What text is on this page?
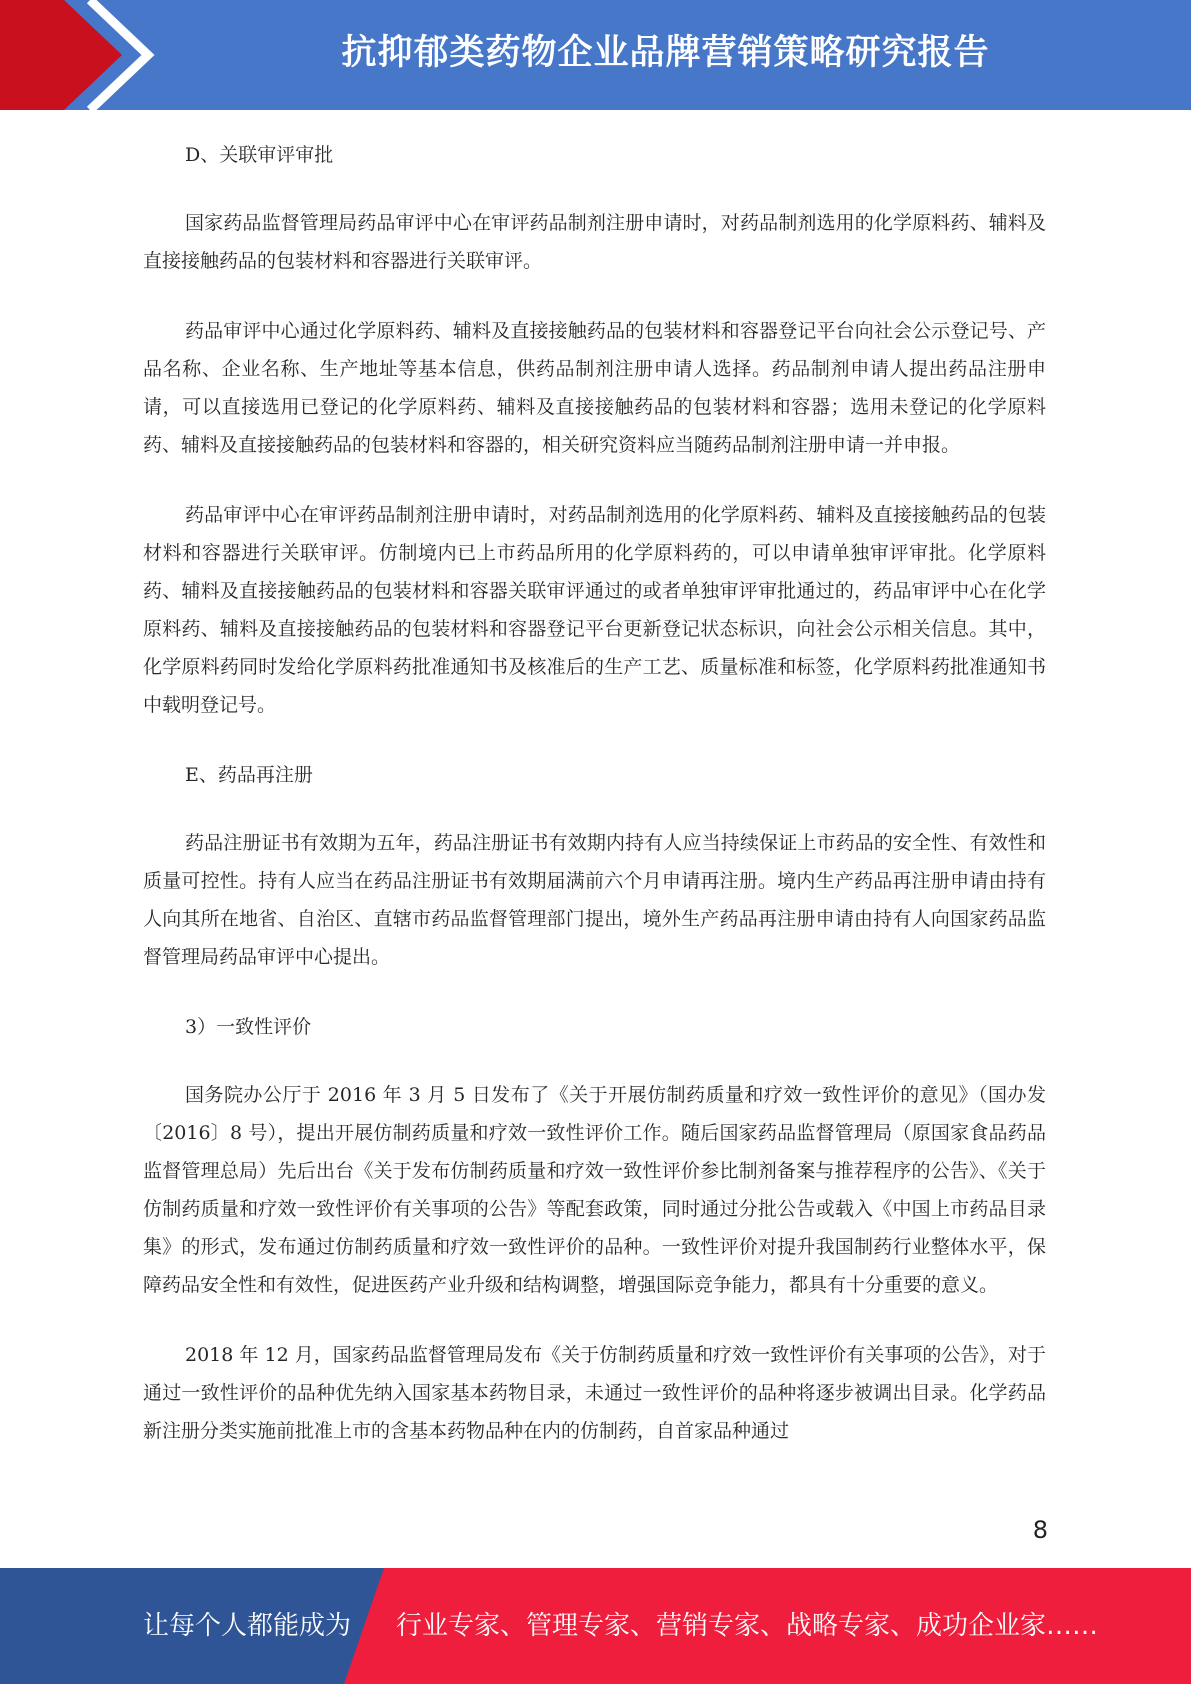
抗抑郁类药物企业品牌营销策略研究报告

D、关联审评审批

国家药品监督管理局药品审评中心在审评药品制剂注册申请时，对药品制剂选用的化学原料药、辅料及直接接触药品的包装材料和容器进行关联审评。

药品审评中心通过化学原料药、辅料及直接接触药品的包装材料和容器登记平台向社会公示登记号、产品名称、企业名称、生产地址等基本信息，供药品制剂注册申请人选择。药品制剂申请人提出药品注册申请，可以直接选用已登记的化学原料药、辅料及直接接触药品的包装材料和容器；选用未登记的化学原料药、辅料及直接接触药品的包装材料和容器的，相关研究资料应当随药品制剂注册申请一并申报。

药品审评中心在审评药品制剂注册申请时，对药品制剂选用的化学原料药、辅料及直接接触药品的包装材料和容器进行关联审评。仿制境内已上市药品所用的化学原料药的，可以申请单独审评审批。化学原料药、辅料及直接接触药品的包装材料和容器关联审评通过的或者单独审评审批通过的，药品审评中心在化学原料药、辅料及直接接触药品的包装材料和容器登记平台更新登记状态标识，向社会公示相关信息。其中，化学原料药同时发给化学原料药批准通知书及核准后的生产工艺、质量标准和标签，化学原料药批准通知书中载明登记号。

E、药品再注册

药品注册证书有效期为五年，药品注册证书有效期内持有人应当持续保证上市药品的安全性、有效性和质量可控性。持有人应当在药品注册证书有效期届满前六个月申请再注册。境内生产药品再注册申请由持有人向其所在地省、自治区、直辖市药品监督管理部门提出，境外生产药品再注册申请由持有人向国家药品监督管理局药品审评中心提出。

3）一致性评价

国务院办公厅于 2016 年 3 月 5 日发布了《关于开展仿制药质量和疗效一致性评价的意见》（国办发〔2016〕8 号），提出开展仿制药质量和疗效一致性评价工作。随后国家药品监督管理局（原国家食品药品监督管理总局）先后出台《关于发布仿制药质量和疗效一致性评价参比制剂备案与推荐程序的公告》、《关于仿制药质量和疗效一致性评价有关事项的公告》等配套政策，同时通过分批公告或载入《中国上市药品目录集》的形式，发布通过仿制药质量和疗效一致性评价的品种。一致性评价对提升我国制药行业整体水平，保障药品安全性和有效性，促进医药产业升级和结构调整，增强国际竞争能力，都具有十分重要的意义。

2018 年 12 月，国家药品监督管理局发布《关于仿制药质量和疗效一致性评价有关事项的公告》，对于通过一致性评价的品种优先纳入国家基本药物目录，未通过一致性评价的品种将逐步被调出目录。化学药品新注册分类实施前批准上市的含基本药物品种在内的仿制药，自首家品种通过

8
让每个人都能成为 行业专家、管理专家、营销专家、战略专家、成功企业家……
